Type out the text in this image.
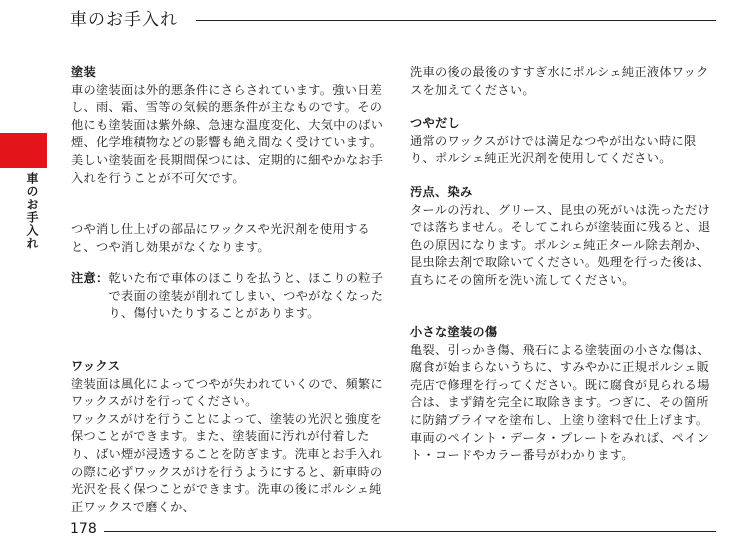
車のお手入れ
車のお手入れ
塗装
車の塗装面は外的悪条件にさらされています。強い日差し、雨、霜、雪等の気候的悪条件が主なものです。その他にも塗装面は紫外線、急速な温度変化、大気中のばい煙、化学堆積物などの影響も絶え間なく受けています。美しい塗装面を長期間保つには、定期的に細やかなお手入れを行うことが不可欠です。
つや消し仕上げの部品にワックスや光沢剤を使用すると、つや消し効果がなくなります。
注意： 乾いた布で車体のほこりを払うと、ほこりの粒子で表面の塗装が削れてしまい、つやがなくなったり、傷付いたりすることがあります。
ワックス
塗装面は風化によってつやが失われていくので、頻繁にワックスがけを行ってください。
ワックスがけを行うことによって、塗装の光沢と強度を保つことができます。また、塗装面に汚れが付着したり、ばい煙が浸透することを防ぎます。洗車とお手入れの際に必ずワックスがけを行うようにすると、新車時の光沢を長く保つことができます。洗車の後にポルシェ純正ワックスで磨くか、
洗車の後の最後のすすぎ水にポルシェ純正液体ワックスを加えてください。
つやだし
通常のワックスがけでは満足なつやが出ない時に限り、ポルシェ純正光沢剤を使用してください。
汚点、染み
タールの汚れ、グリース、昆虫の死がいは洗っただけでは落ちません。そしてこれらが塗装面に残ると、退色の原因になります。ポルシェ純正タール除去剤か、昆虫除去剤で取除いてください。処理を行った後は、直ちにその箇所を洗い流してください。
小さな塗装の傷
亀裂、引っかき傷、飛石による塗装面の小さな傷は、腐食が始まらないうちに、すみやかに正規ポルシェ販売店で修理を行ってください。既に腐食が見られる場合は、まず錆を完全に取除きます。つぎに、その箇所に防錆プライマを塗布し、上塗り塗料で仕上げます。車両のペイント・データ・プレートをみれば、ペイント・コードやカラー番号がわかります。
178
